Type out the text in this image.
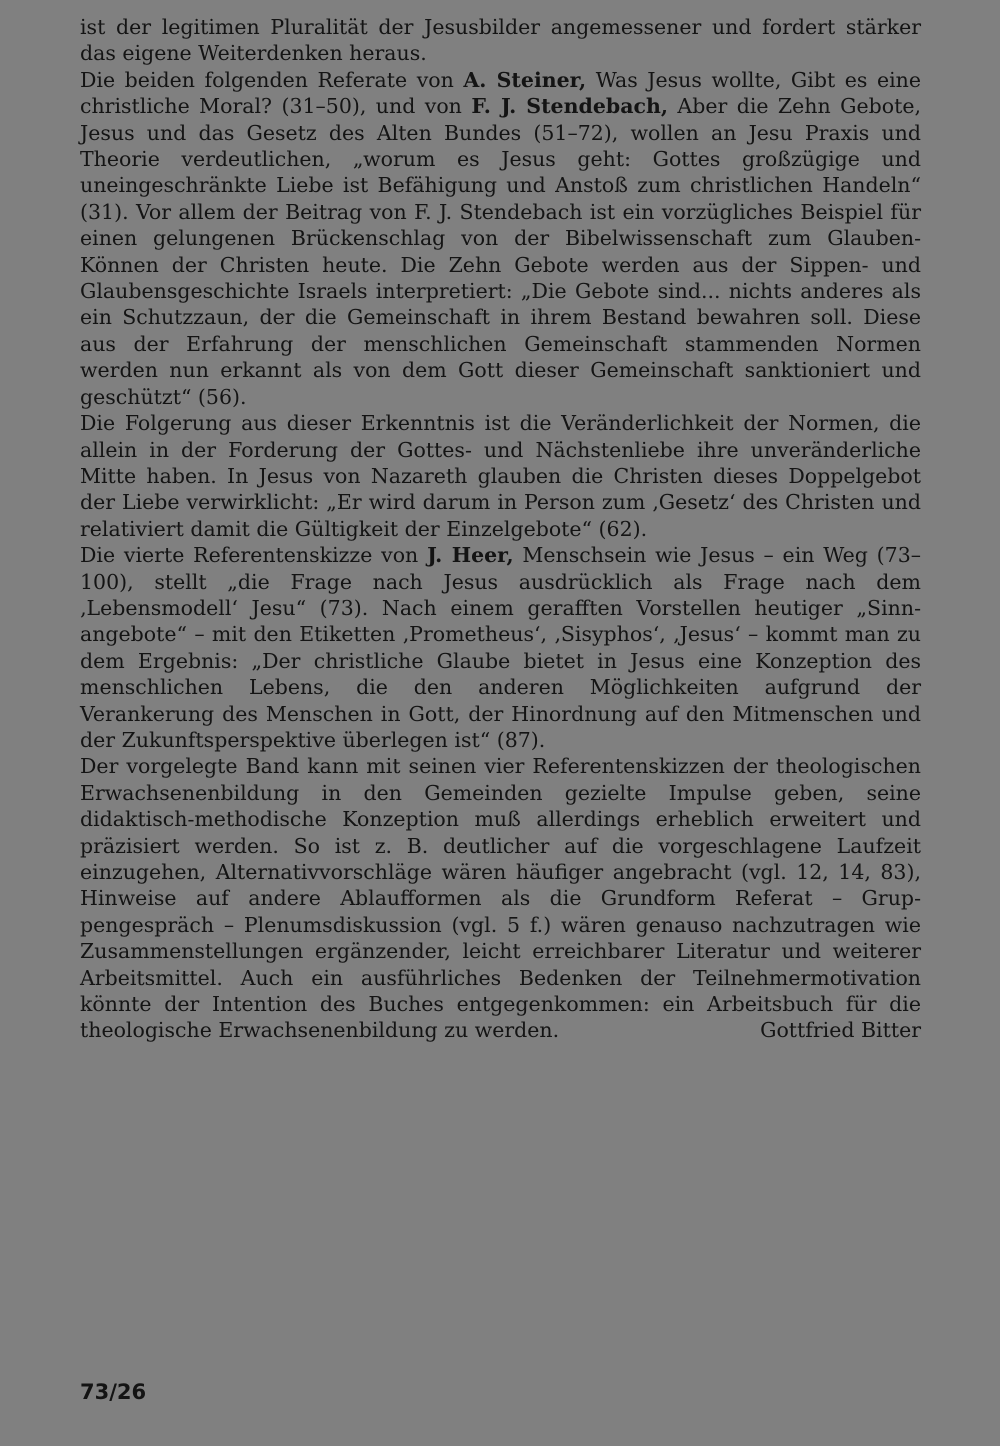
ist der legitimen Pluralität der Jesusbilder angemessener und fordert stärker das eigene Weiterdenken heraus.

Die beiden folgenden Referate von A. Steiner, Was Jesus wollte, Gibt es eine christliche Moral? (31–50), und von F. J. Stendebach, Aber die Zehn Gebote, Jesus und das Gesetz des Alten Bundes (51–72), wollen an Jesu Praxis und Theorie verdeutlichen, „worum es Jesus geht: Gottes großzügige und uneingeschränkte Liebe ist Befähigung und Anstoß zum christlichen Handeln“ (31). Vor allem der Beitrag von F. J. Stendebach ist ein vorzügliches Beispiel für einen gelungenen Brückenschlag von der Bibelwissenschaft zum Glauben-Können der Christen heute. Die Zehn Gebote werden aus der Sippen- und Glaubensgeschichte Israels interpretiert: „Die Gebote sind... nichts anderes als ein Schutzzaun, der die Gemeinschaft in ihrem Bestand bewahren soll. Diese aus der Erfahrung der menschlichen Gemeinschaft stammenden Normen werden nun erkannt als von dem Gott dieser Gemeinschaft sanktioniert und geschützt“ (56).

Die Folgerung aus dieser Erkenntnis ist die Veränderlichkeit der Normen, die allein in der Forderung der Gottes- und Nächstenliebe ihre unveränderliche Mitte haben. In Jesus von Nazareth glauben die Christen dieses Doppelgebot der Liebe verwirklicht: „Er wird darum in Person zum ‚Gesetz‘ des Christen und relativiert damit die Gültigkeit der Einzelgebote“ (62).

Die vierte Referentenskizze von J. Heer, Menschsein wie Jesus – ein Weg (73–100), stellt „die Frage nach Jesus ausdrücklich als Frage nach dem ‚Lebensmodell‘ Jesu“ (73). Nach einem gerafften Vorstellen heutiger „Sinnangebote“ – mit den Etiketten ‚Prometheus‘, ‚Sisyphos‘, ‚Jesus‘ – kommt man zu dem Ergebnis: „Der christliche Glaube bietet in Jesus eine Konzeption des menschlichen Lebens, die den anderen Möglichkeiten aufgrund der Verankerung des Menschen in Gott, der Hinordnung auf den Mitmenschen und der Zukunftsperspektive überlegen ist“ (87).

Der vorgelegte Band kann mit seinen vier Referentenskizzen der theologischen Erwachsenenbildung in den Gemeinden gezielte Impulse geben, seine didaktisch-methodische Konzeption muß allerdings erheblich erweitert und präzisiert werden. So ist z. B. deutlicher auf die vorgeschlagene Laufzeit einzugehen, Alternativvorschläge wären häufiger angebracht (vgl. 12, 14, 83), Hinweise auf andere Ablaufformen als die Grundform Referat – Gruppengespräch – Plenumsdiskussion (vgl. 5 f.) wären genauso nachzutragen wie Zusammenstellungen ergänzender, leicht erreichbarer Literatur und weiterer Arbeitsmittel. Auch ein ausführliches Bedenken der Teilnehmermotivation könnte der Intention des Buches entgegenkommen: ein Arbeitsbuch für die theologische Erwachsenenbildung zu werden.	Gottfried Bitter

73/26
